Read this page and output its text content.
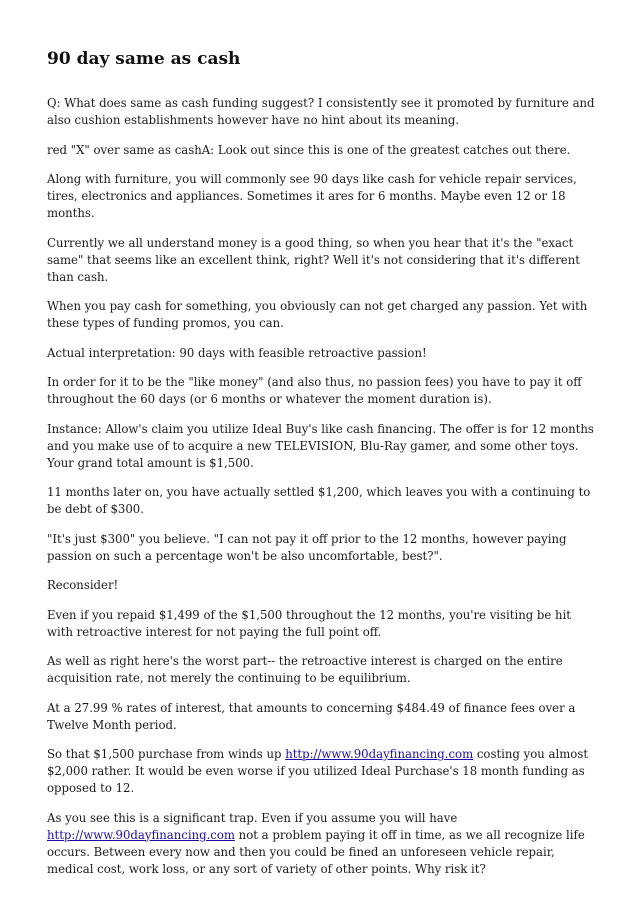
90 day same as cash

Q: What does same as cash funding suggest? I consistently see it promoted by furniture and also cushion establishments however have no hint about its meaning.

red "X" over same as cashA: Look out since this is one of the greatest catches out there.

Along with furniture, you will commonly see 90 days like cash for vehicle repair services, tires, electronics and appliances. Sometimes it ares for 6 months. Maybe even 12 or 18 months.

Currently we all understand money is a good thing, so when you hear that it's the "exact same" that seems like an excellent think, right? Well it's not considering that it's different than cash.

When you pay cash for something, you obviously can not get charged any passion. Yet with these types of funding promos, you can.

Actual interpretation: 90 days with feasible retroactive passion!

In order for it to be the "like money" (and also thus, no passion fees) you have to pay it off throughout the 60 days (or 6 months or whatever the moment duration is).

Instance: Allow's claim you utilize Ideal Buy's like cash financing. The offer is for 12 months and you make use of to acquire a new TELEVISION, Blu-Ray gamer, and some other toys. Your grand total amount is $1,500.

11 months later on, you have actually settled $1,200, which leaves you with a continuing to be debt of $300.

"It's just $300" you believe. "I can not pay it off prior to the 12 months, however paying passion on such a percentage won't be also uncomfortable, best?".

Reconsider!

Even if you repaid $1,499 of the $1,500 throughout the 12 months, you're visiting be hit with retroactive interest for not paying the full point off.

As well as right here's the worst part-- the retroactive interest is charged on the entire acquisition rate, not merely the continuing to be equilibrium.

At a 27.99 % rates of interest, that amounts to concerning $484.49 of finance fees over a Twelve Month period.

So that $1,500 purchase from winds up http://www.90dayfinancing.com costing you almost $2,000 rather. It would be even worse if you utilized Ideal Purchase's 18 month funding as opposed to 12.

As you see this is a significant trap. Even if you assume you will have http://www.90dayfinancing.com not a problem paying it off in time, as we all recognize life occurs. Between every now and then you could be fined an unforeseen vehicle repair, medical cost, work loss, or any sort of variety of other points. Why risk it?
